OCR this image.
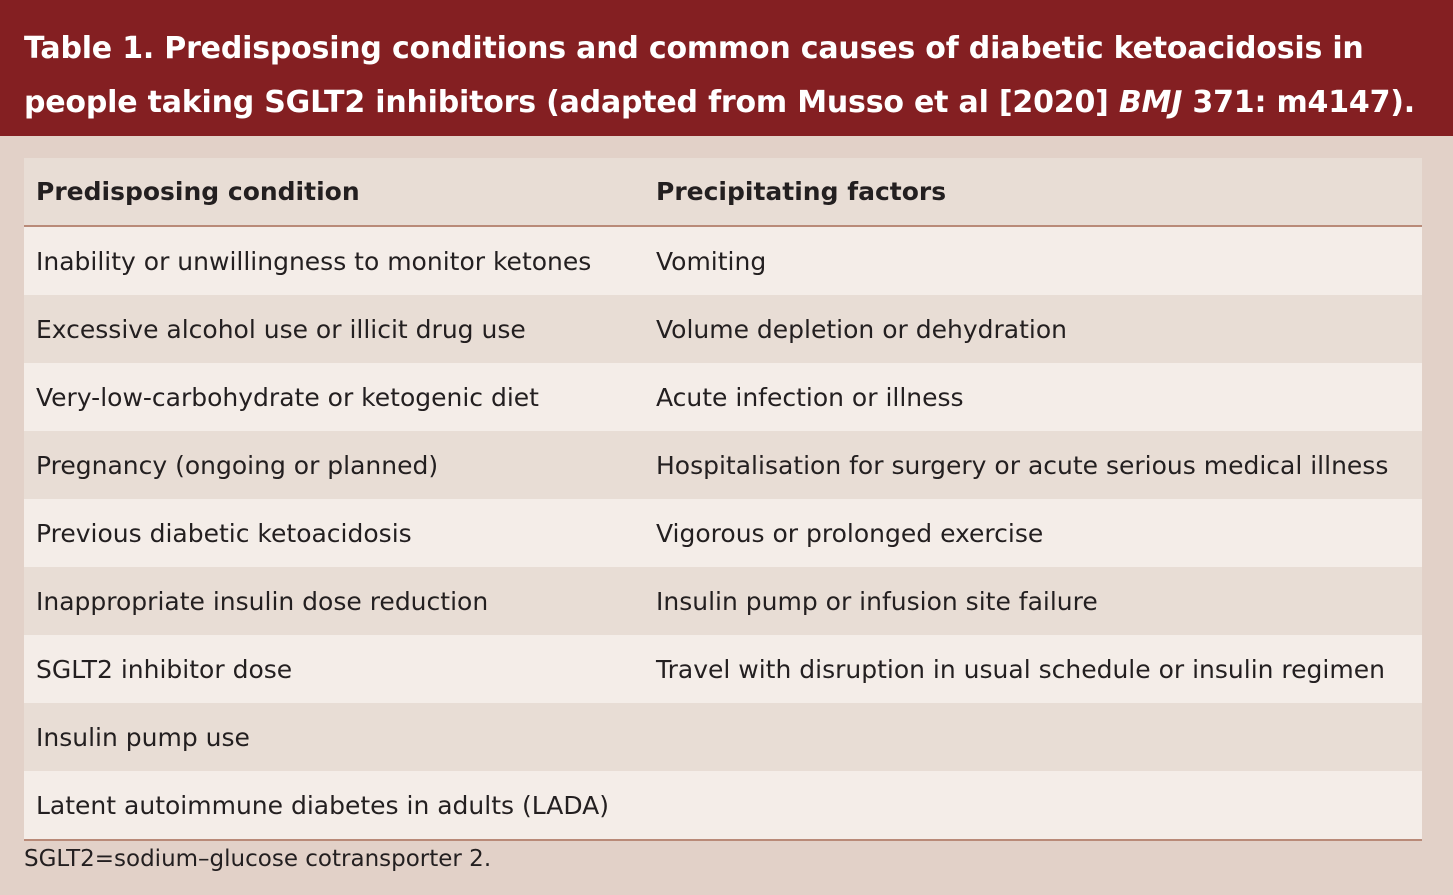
Table 1. Predisposing conditions and common causes of diabetic ketoacidosis in
people taking SGLT2 inhibitors (adapted from Musso et al [2020] BMJ 371: m4147).
Predisposing condition	Precipitating factors
Inability or unwillingness to monitor ketones	Vomiting
Excessive alcohol use or illicit drug use	Volume depletion or dehydration
Very-low-carbohydrate or ketogenic diet	Acute infection or illness
Pregnancy (ongoing or planned)	Hospitalisation for surgery or acute serious medical illness
Previous diabetic ketoacidosis	Vigorous or prolonged exercise
Inappropriate insulin dose reduction	Insulin pump or infusion site failure
SGLT2 inhibitor dose	Travel with disruption in usual schedule or insulin regimen
Insulin pump use
Latent autoimmune diabetes in adults (LADA)
SGLT2=sodium–glucose cotransporter 2.
